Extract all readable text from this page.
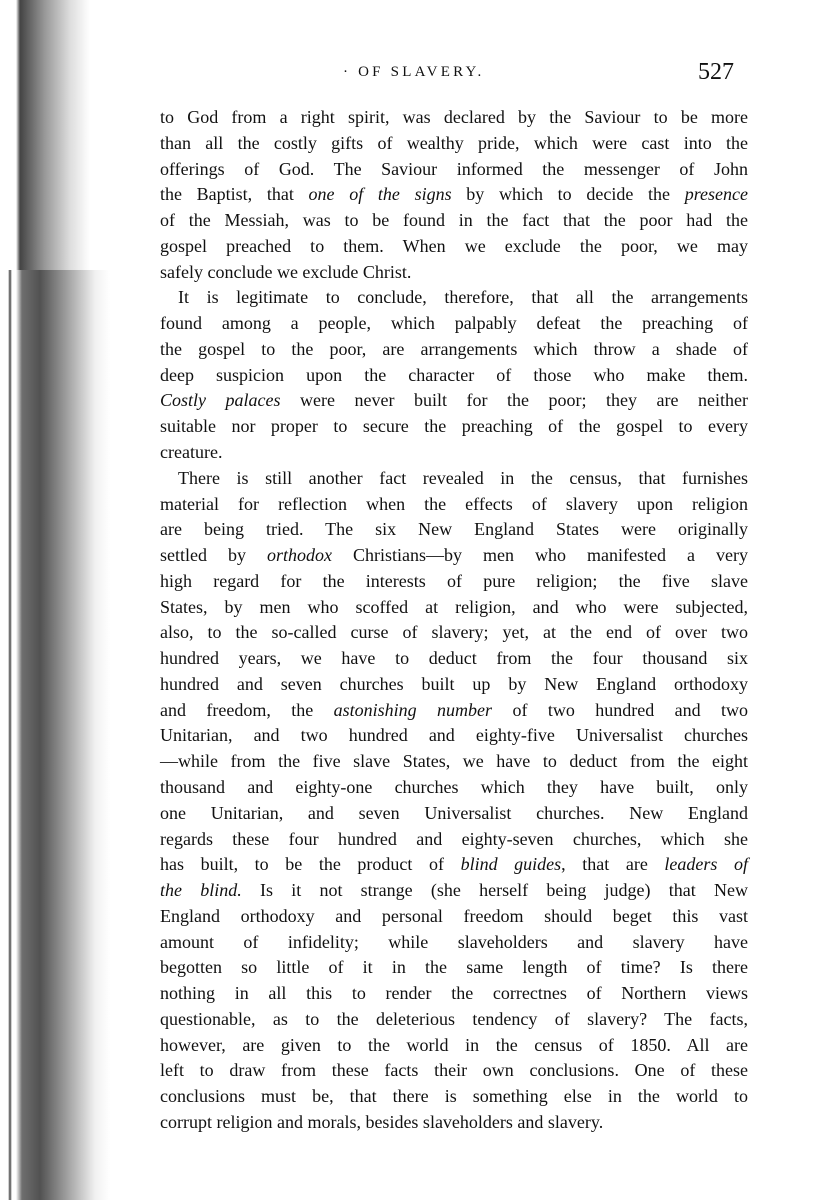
· OF SLAVERY.	527
to God from a right spirit, was declared by the Saviour to be more
than all the costly gifts of wealthy pride, which were cast into the
offerings of God. The Saviour informed the messenger of John
the Baptist, that one of the signs by which to decide the presence
of the Messiah, was to be found in the fact that the poor had the
gospel preached to them. When we exclude the poor, we may
safely conclude we exclude Christ.
It is legitimate to conclude, therefore, that all the arrangements
found among a people, which palpably defeat the preaching of
the gospel to the poor, are arrangements which throw a shade of
deep suspicion upon the character of those who make them.
Costly palaces were never built for the poor; they are neither
suitable nor proper to secure the preaching of the gospel to every
creature.
There is still another fact revealed in the census, that furnishes
material for reflection when the effects of slavery upon religion
are being tried. The six New England States were originally
settled by orthodox Christians—by men who manifested a very
high regard for the interests of pure religion; the five slave
States, by men who scoffed at religion, and who were subjected,
also, to the so-called curse of slavery; yet, at the end of over two
hundred years, we have to deduct from the four thousand six
hundred and seven churches built up by New England orthodoxy
and freedom, the astonishing number of two hundred and two
Unitarian, and two hundred and eighty-five Universalist churches
—while from the five slave States, we have to deduct from the eight
thousand and eighty-one churches which they have built, only
one Unitarian, and seven Universalist churches. New England
regards these four hundred and eighty-seven churches, which she
has built, to be the product of blind guides, that are leaders of
the blind. Is it not strange (she herself being judge) that New
England orthodoxy and personal freedom should beget this vast
amount of infidelity; while slaveholders and slavery have
begotten so little of it in the same length of time? Is there
nothing in all this to render the correctnes of Northern views
questionable, as to the deleterious tendency of slavery? The facts,
however, are given to the world in the census of 1850. All are
left to draw from these facts their own conclusions. One of these
conclusions must be, that there is something else in the world to
corrupt religion and morals, besides slaveholders and slavery.
